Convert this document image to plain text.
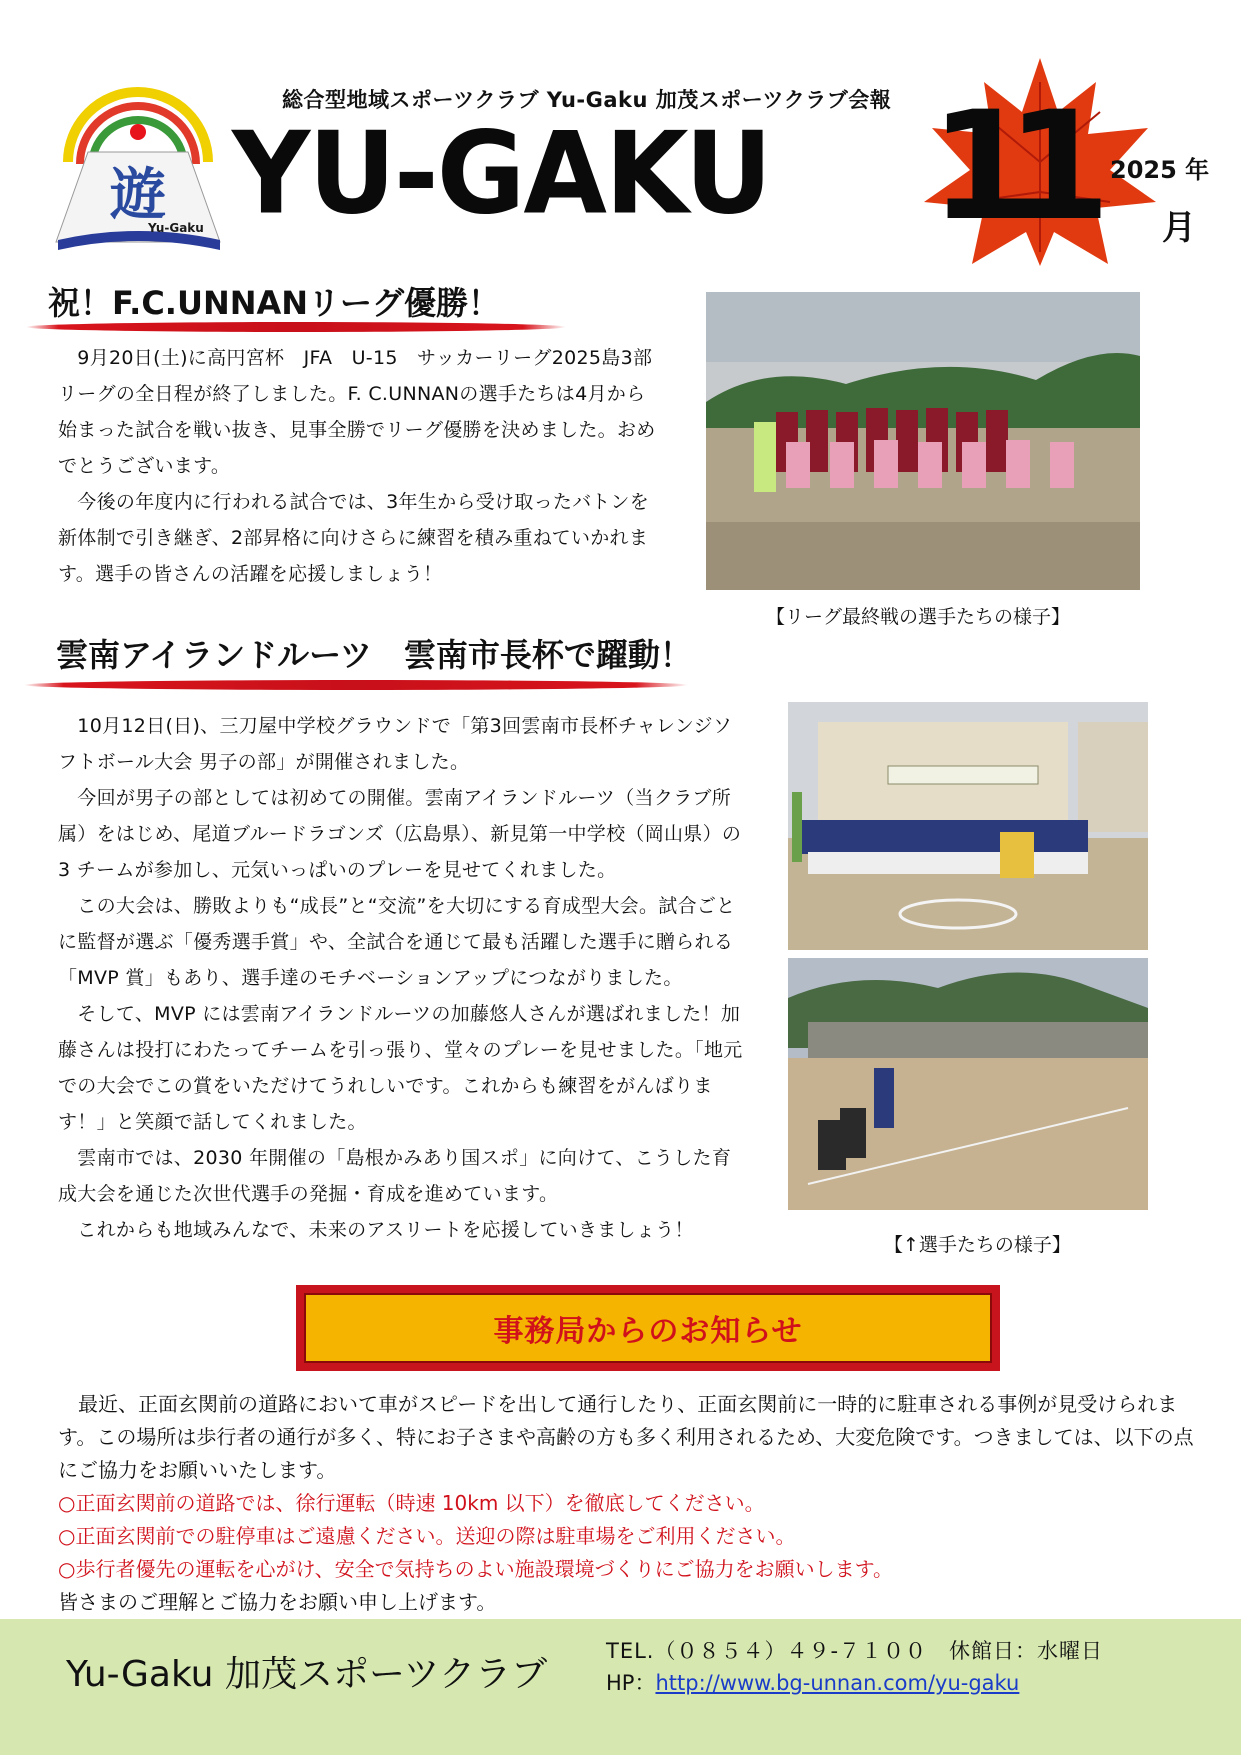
遊
Yu-Gaku
総合型地域スポーツクラブ Yu-Gaku 加茂スポーツクラブ会報
YU-GAKU 11 2025 年
月
祝！F.C.UNNANリーグ優勝！

　9月20日(土)に高円宮杯　JFA　U-15　サッカーリーグ2025島3部リーグの全日程が終了しました。F. C.UNNANの選手たちは4月から始まった試合を戦い抜き、見事全勝でリーグ優勝を決めました。おめでとうございます。

　今後の年度内に行われる試合では、3年生から受け取ったバトンを新体制で引き継ぎ、2部昇格に向けさらに練習を積み重ねていかれます。選手の皆さんの活躍を応援しましょう！

【リーグ最終戦の選手たちの様子】
雲南アイランドルーツ　雲南市長杯で躍動！

　10月12日(日)、三刀屋中学校グラウンドで「第3回雲南市長杯チャレンジソフトボール大会 男子の部」が開催されました。

　今回が男子の部としては初めての開催。雲南アイランドルーツ（当クラブ所属）をはじめ、尾道ブルードラゴンズ（広島県）、新見第一中学校（岡山県）の 3 チームが参加し、元気いっぱいのプレーを見せてくれました。

　この大会は、勝敗よりも“成長”と“交流”を大切にする育成型大会。試合ごとに監督が選ぶ「優秀選手賞」や、全試合を通じて最も活躍した選手に贈られる「MVP 賞」もあり、選手達のモチベーションアップにつながりました。

　そして、MVP には雲南アイランドルーツの加藤悠人さんが選ばれました！加藤さんは投打にわたってチームを引っ張り、堂々のプレーを見せました。「地元での大会でこの賞をいただけてうれしいです。これからも練習をがんばります！」と笑顔で話してくれました。

　雲南市では、2030 年開催の「島根かみあり国スポ」に向けて、こうした育成大会を通じた次世代選手の発掘・育成を進めています。

　これからも地域みんなで、未来のアスリートを応援していきましょう！

【↑選手たちの様子】
事務局からのお知らせ

　最近、正面玄関前の道路において車がスピードを出して通行したり、正面玄関前に一時的に駐車される事例が見受けられます。この場所は歩行者の通行が多く、特にお子さまや高齢の方も多く利用されるため、大変危険です。つきましては、以下の点にご協力をお願いいたします。

○正面玄関前の道路では、徐行運転（時速 10km 以下）を徹底してください。

○正面玄関前での駐停車はご遠慮ください。送迎の際は駐車場をご利用ください。

○歩行者優先の運転を心がけ、安全で気持ちのよい施設環境づくりにご協力をお願いします。

皆さまのご理解とご協力をお願い申し上げます。

Yu-Gaku 加茂スポーツクラブ
TEL.（０８５４）４９-７１００　休館日：水曜日
HP：http://www.bg-unnan.com/yu-gaku
